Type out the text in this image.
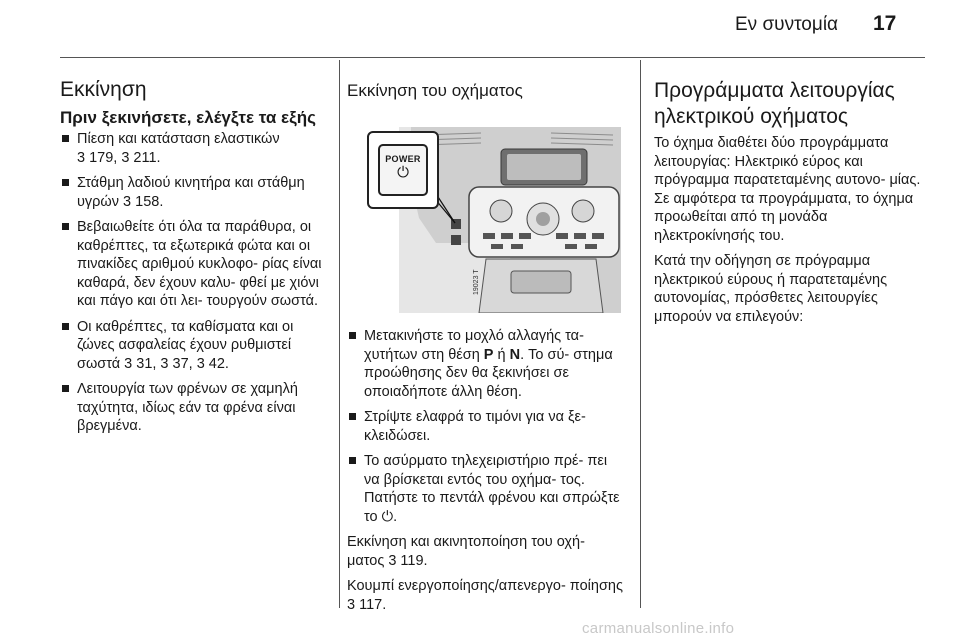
Εν συντομία 17
Εκκίνηση
Πριν ξεκινήσετε, ελέγξτε τα εξής
Πίεση και κατάσταση ελαστικών
3 179, 3 211.
Στάθμη λαδιού κινητήρα και στάθμη υγρών 3 158.
Βεβαιωθείτε ότι όλα τα παράθυρα, οι καθρέπτες, τα εξωτερικά φώτα και οι πινακίδες αριθμού κυκλοφο‐ ρίας είναι καθαρά, δεν έχουν καλυ‐ φθεί με χιόνι και πάγο και ότι λει‐ τουργούν σωστά.
Οι καθρέπτες, τα καθίσματα και οι ζώνες ασφαλείας έχουν ρυθμιστεί σωστά 3 31, 3 37, 3 42.
Λειτουργία των φρένων σε χαμηλή ταχύτητα, ιδίως εάν τα φρένα είναι βρεγμένα.
Εκκίνηση του οχήματος
19023 T
POWER
⏻
Μετακινήστε το μοχλό αλλαγής τα‐ χυτήτων στη θέση P ή N. Το σύ‐ στημα προώθησης δεν θα ξεκινήσει σε οποιαδήποτε άλλη θέση.
Στρίψτε ελαφρά το τιμόνι για να ξε‐ κλειδώσει.
Το ασύρματο τηλεχειριστήριο πρέ‐ πει να βρίσκεται εντός του οχήμα‐ τος. Πατήστε το πεντάλ φρένου και σπρώξτε το ⏻.

Εκκίνηση και ακινητοποίηση του οχή‐ ματος 3 119.

Κουμπί ενεργοποίησης/απενεργο‐ ποίησης 3 117.

Προγράμματα λειτουργίας ηλεκτρικού οχήματος

Το όχημα διαθέτει δύο προγράμματα λειτουργίας: Ηλεκτρικό εύρος και πρόγραμμα παρατεταμένης αυτονο‐ μίας. Σε αμφότερα τα προγράμματα, το όχημα προωθείται από τη μονάδα ηλεκτροκίνησής του.

Κατά την οδήγηση σε πρόγραμμα ηλεκτρικού εύρους ή παρατεταμένης αυτονομίας, πρόσθετες λειτουργίες μπορούν να επιλεγούν:

carmanualsonline.info
